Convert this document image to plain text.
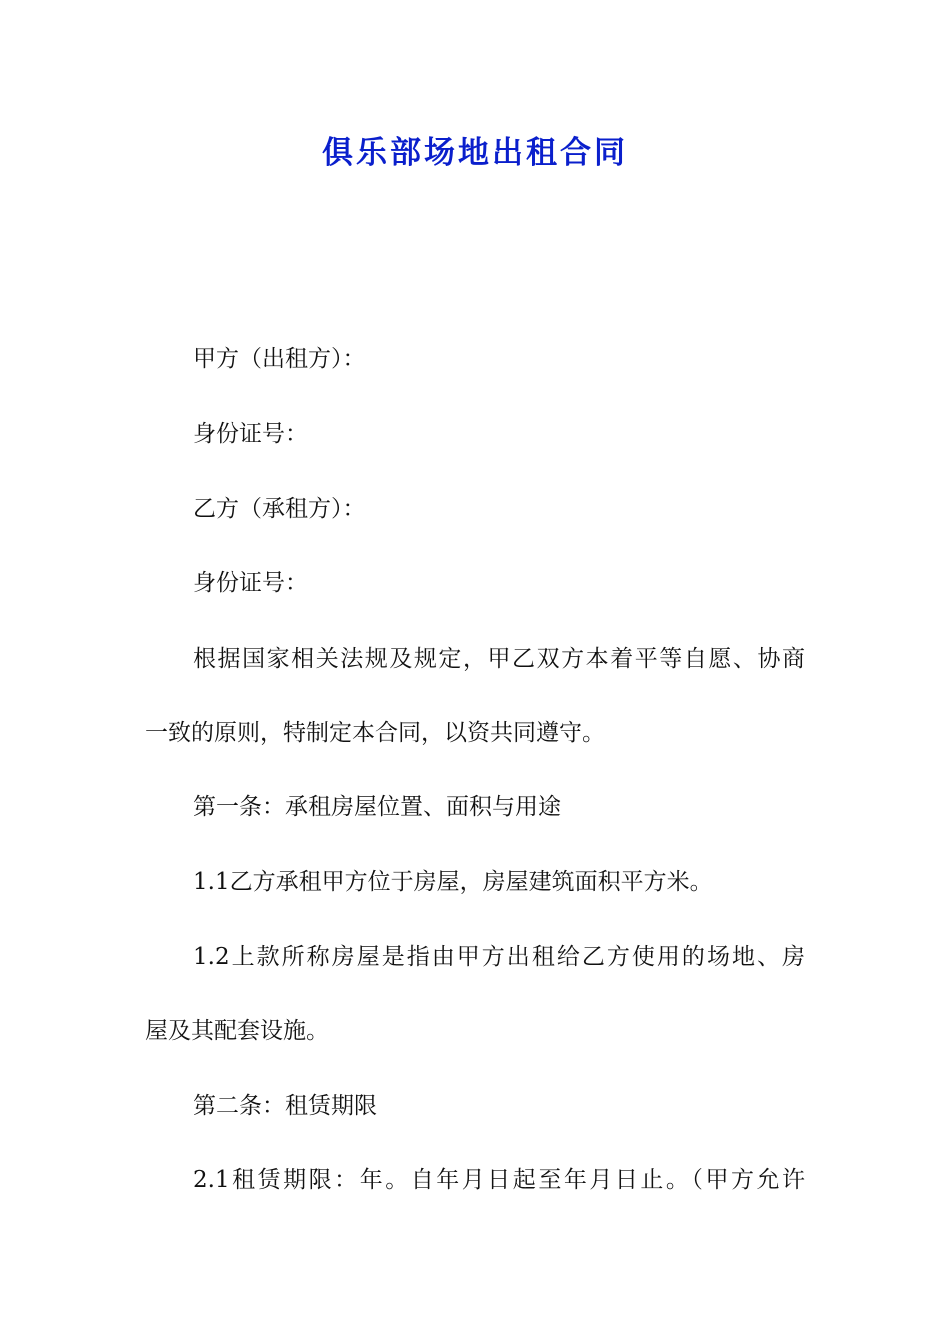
俱乐部场地出租合同
甲方（出租方）：
身份证号：
乙方（承租方）：
身份证号：
根据国家相关法规及规定，甲乙双方本着平等自愿、协商
一致的原则，特制定本合同，以资共同遵守。
第一条：承租房屋位置、面积与用途
1.1乙方承租甲方位于房屋，房屋建筑面积平方米。
1.2上款所称房屋是指由甲方出租给乙方使用的场地、房
屋及其配套设施。
第二条：租赁期限
2.1租赁期限：年。自年月日起至年月日止。（甲方允许
